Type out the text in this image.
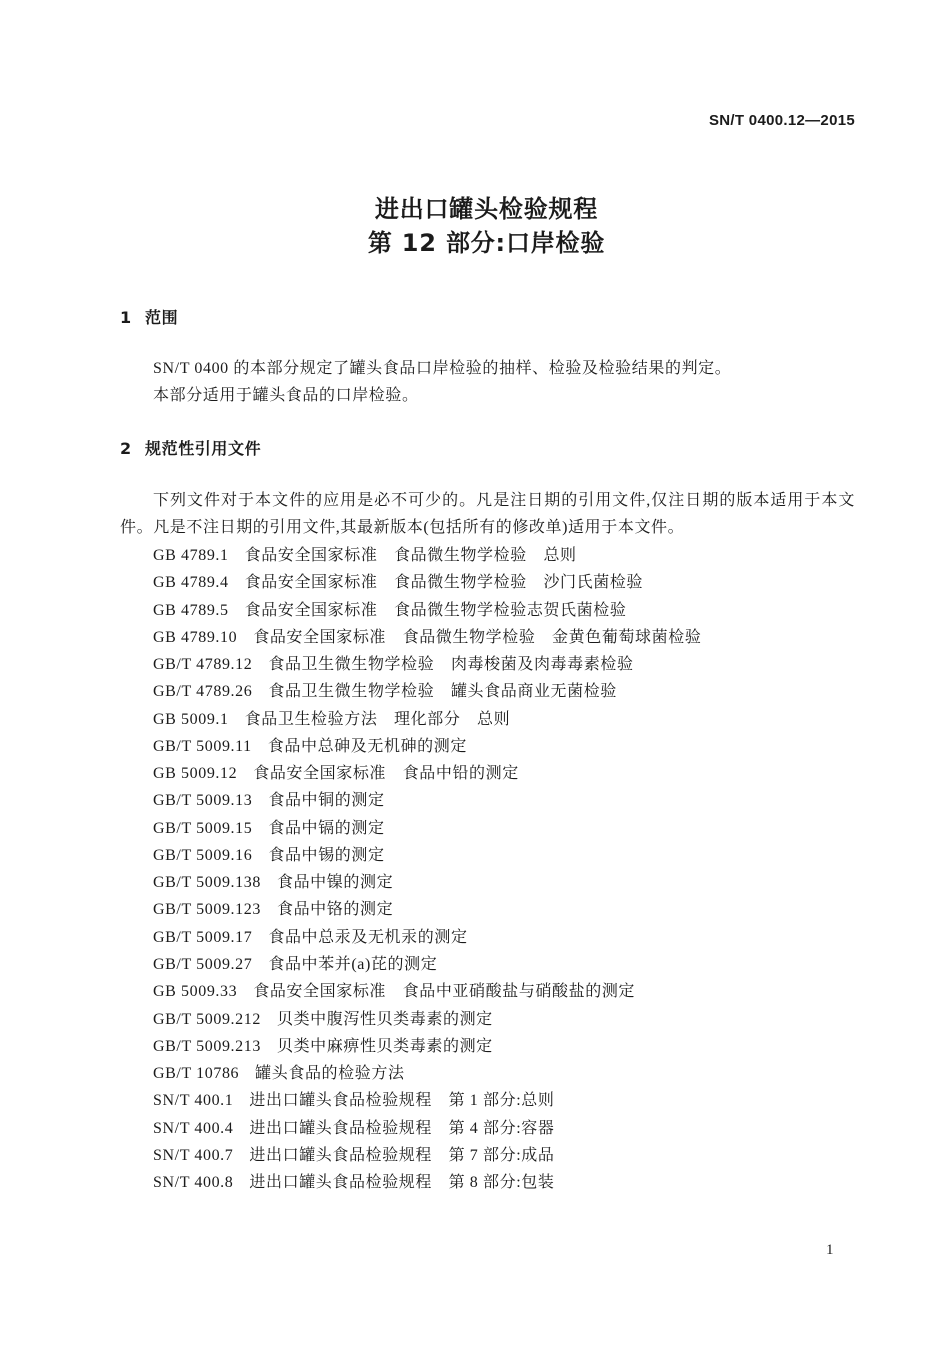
SN/T 0400.12—2015
进出口罐头检验规程
第 12 部分:口岸检验
1 范围

SN/T 0400 的本部分规定了罐头食品口岸检验的抽样、检验及检验结果的判定。

本部分适用于罐头食品的口岸检验。

2 规范性引用文件

下列文件对于本文件的应用是必不可少的。凡是注日期的引用文件,仅注日期的版本适用于本文件。凡是不注日期的引用文件,其最新版本(包括所有的修改单)适用于本文件。

GB 4789.1 食品安全国家标准　食品微生物学检验　总则
GB 4789.4 食品安全国家标准　食品微生物学检验　沙门氏菌检验
GB 4789.5 食品安全国家标准　食品微生物学检验志贺氏菌检验
GB 4789.10 食品安全国家标准　食品微生物学检验　金黄色葡萄球菌检验
GB/T 4789.12 食品卫生微生物学检验　肉毒梭菌及肉毒毒素检验
GB/T 4789.26 食品卫生微生物学检验　罐头食品商业无菌检验
GB 5009.1 食品卫生检验方法　理化部分　总则
GB/T 5009.11 食品中总砷及无机砷的测定
GB 5009.12 食品安全国家标准　食品中铅的测定
GB/T 5009.13 食品中铜的测定
GB/T 5009.15 食品中镉的测定
GB/T 5009.16 食品中锡的测定
GB/T 5009.138 食品中镍的测定
GB/T 5009.123 食品中铬的测定
GB/T 5009.17 食品中总汞及无机汞的测定
GB/T 5009.27 食品中苯并(a)芘的测定
GB 5009.33 食品安全国家标准　食品中亚硝酸盐与硝酸盐的测定
GB/T 5009.212 贝类中腹泻性贝类毒素的测定
GB/T 5009.213 贝类中麻痹性贝类毒素的测定
GB/T 10786 罐头食品的检验方法
SN/T 400.1 进出口罐头食品检验规程　第 1 部分:总则
SN/T 400.4 进出口罐头食品检验规程　第 4 部分:容器
SN/T 400.7 进出口罐头食品检验规程　第 7 部分:成品
SN/T 400.8 进出口罐头食品检验规程　第 8 部分:包装
1
